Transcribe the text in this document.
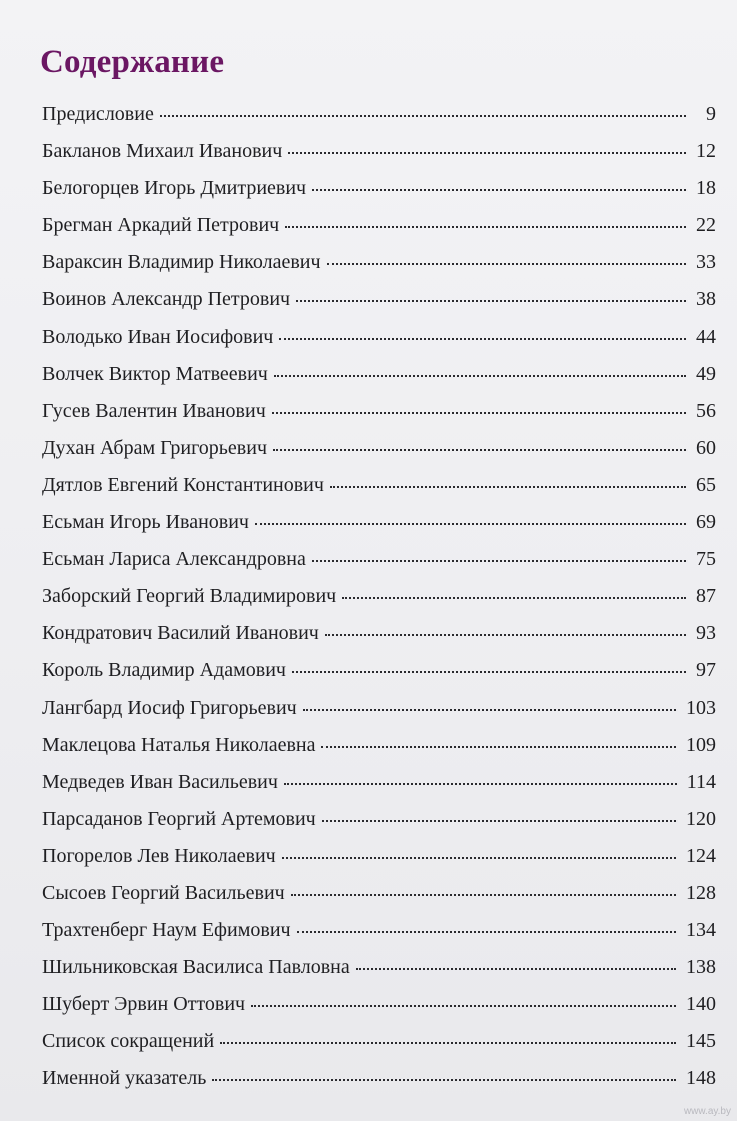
Содержание
Предисловие	9
Бакланов Михаил Иванович	12
Белогорцев Игорь Дмитриевич	18
Брегман Аркадий Петрович	22
Вараксин Владимир Николаевич	33
Воинов Александр Петрович	38
Володько Иван Иосифович	44
Волчек Виктор Матвеевич	49
Гусев Валентин Иванович	56
Духан Абрам Григорьевич	60
Дятлов Евгений Константинович	65
Есьман Игорь Иванович	69
Есьман Лариса Александровна	75
Заборский Георгий Владимирович	87
Кондратович Василий Иванович	93
Король Владимир Адамович	97
Лангбард Иосиф Григорьевич	103
Маклецова Наталья Николаевна	109
Медведев Иван Васильевич	114
Парсаданов Георгий Артемович	120
Погорелов Лев Николаевич	124
Сысоев Георгий Васильевич	128
Трахтенберг Наум Ефимович	134
Шильниковская Василиса Павловна	138
Шуберт Эрвин Оттович	140
Список сокращений	145
Именной указатель	148
www.ay.by
